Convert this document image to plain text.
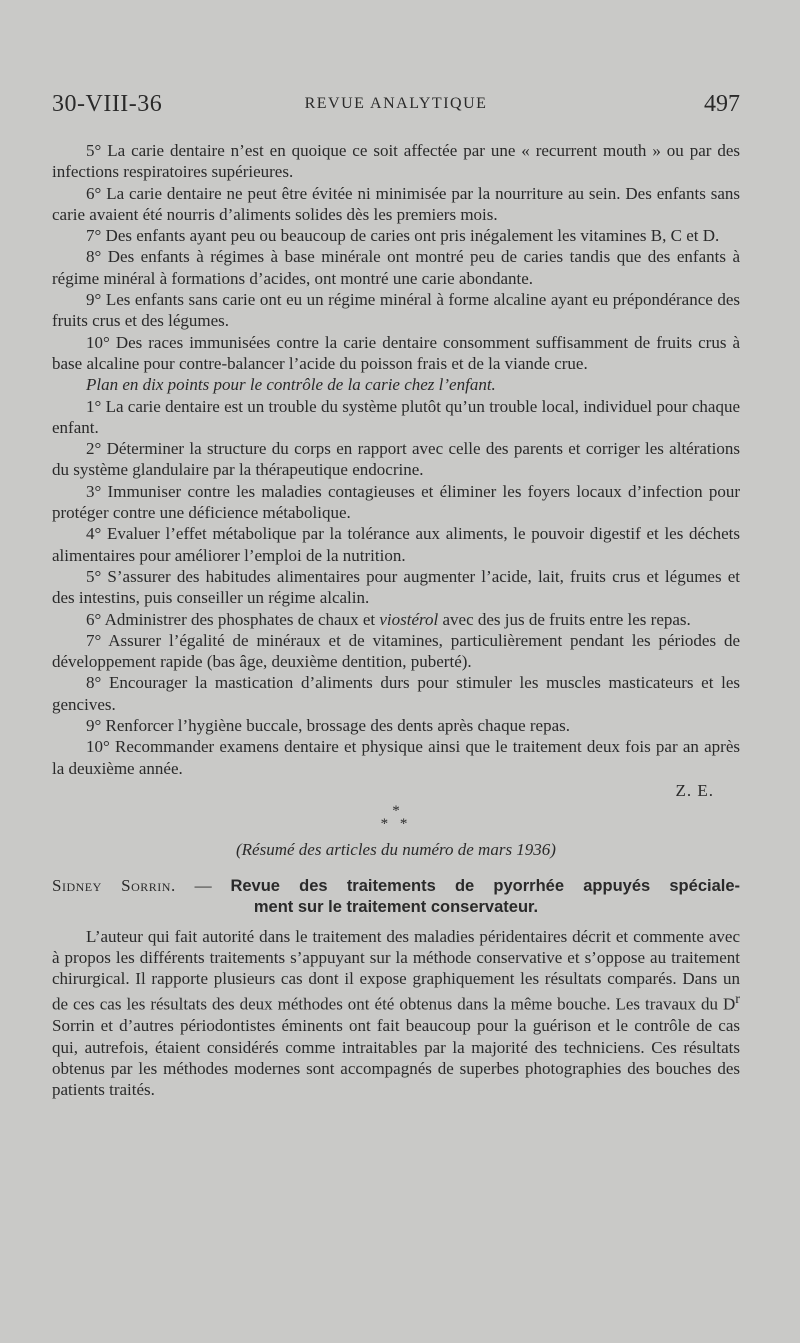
30-VIII-36	REVUE ANALYTIQUE	497

5° La carie dentaire n’est en quoique ce soit affectée par une « recurrent mouth » ou par des infections respiratoires supérieures.

6° La carie dentaire ne peut être évitée ni minimisée par la nourriture au sein. Des enfants sans carie avaient été nourris d’aliments solides dès les premiers mois.

7° Des enfants ayant peu ou beaucoup de caries ont pris inégalement les vitamines B, C et D.

8° Des enfants à régimes à base minérale ont montré peu de caries tandis que des enfants à régime minéral à formations d’acides, ont montré une carie abondante.

9° Les enfants sans carie ont eu un régime minéral à forme alcaline ayant eu prépondérance des fruits crus et des légumes.

10° Des races immunisées contre la carie dentaire consomment suffisamment de fruits crus à base alcaline pour contre-balancer l’acide du poisson frais et de la viande crue.

Plan en dix points pour le contrôle de la carie chez l’enfant.

1° La carie dentaire est un trouble du système plutôt qu’un trouble local, individuel pour chaque enfant.

2° Déterminer la structure du corps en rapport avec celle des parents et corriger les altérations du système glandulaire par la thérapeutique endocrine.

3° Immuniser contre les maladies contagieuses et éliminer les foyers locaux d’infection pour protéger contre une déficience métabolique.

4° Evaluer l’effet métabolique par la tolérance aux aliments, le pouvoir digestif et les déchets alimentaires pour améliorer l’emploi de la nutrition.

5° S’assurer des habitudes alimentaires pour augmenter l’acide, lait, fruits crus et légumes et des intestins, puis conseiller un régime alcalin.

6° Administrer des phosphates de chaux et viostérol avec des jus de fruits entre les repas.

7° Assurer l’égalité de minéraux et de vitamines, particulièrement pendant les périodes de développement rapide (bas âge, deuxième dentition, puberté).

8° Encourager la mastication d’aliments durs pour stimuler les muscles masticateurs et les gencives.

9° Renforcer l’hygiène buccale, brossage des dents après chaque repas.

10° Recommander examens dentaire et physique ainsi que le traitement deux fois par an après la deuxième année.

Z. E.

*
* *
(Résumé des articles du numéro de mars 1936)
Sidney Sorrin. — Revue des traitements de pyorrhée appuyés spéciale-
ment sur le traitement conservateur.

L’auteur qui fait autorité dans le traitement des maladies péridentaires décrit et commente avec à propos les différents traitements s’appuyant sur la méthode conservative et s’oppose au traitement chirurgical. Il rapporte plusieurs cas dont il expose graphiquement les résultats comparés. Dans un de ces cas les résultats des deux méthodes ont été obtenus dans la même bouche. Les travaux du $D^r$ Sorrin et d’autres périodontistes éminents ont fait beaucoup pour la guérison et le contrôle de cas qui, autrefois, étaient considérés comme intraitables par la majorité des techniciens. Ces résultats obtenus par les méthodes modernes sont accompagnés de superbes photographies des bouches des patients traités.
